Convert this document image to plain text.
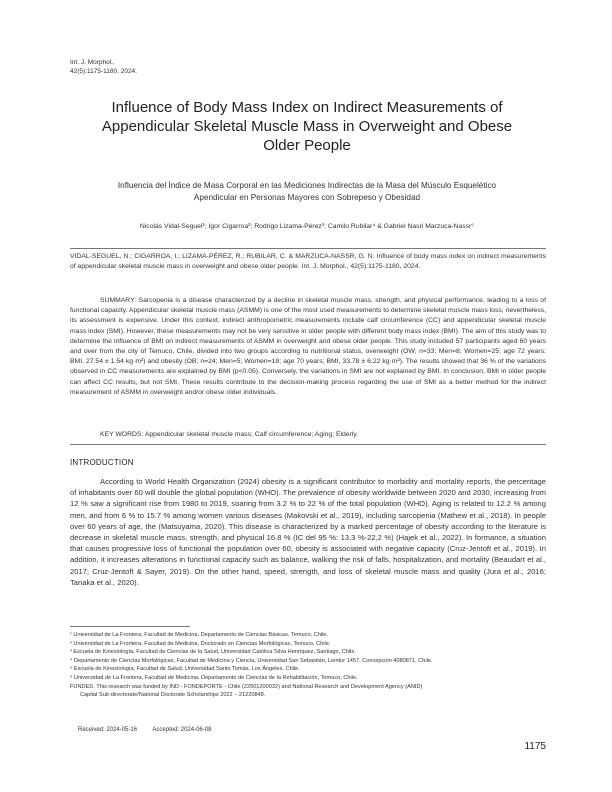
Int. J. Morphol.,
42(5):1175-1180, 2024.
Influence of Body Mass Index on Indirect Measurements of Appendicular Skeletal Muscle Mass in Overweight and Obese Older People
Influencia del Índice de Masa Corporal en las Mediciones Indirectas de la Masa del Músculo Esquelético Apendicular en Personas Mayores con Sobrepeso y Obesidad
Nicolás Vidal-Seguel¹; Igor Cigarroa²; Rodrigo Lizama-Pérez³; Camilo Rubilar⁴ & Gabriel Nasri Marzuca-Nassr⁵
VIDAL-SEGUEL, N.; CIGARROA, I.; LIZAMA-PÉREZ, R.; RUBILAR, C. & MARZUCA-NASSR, G. N. Influence of body mass index on indirect measurements of appendicular skeletal muscle mass in overweight and obese older people. Int. J. Morphol., 42(5):1175-1180, 2024.
SUMMARY: Sarcopenia is a disease characterized by a decline in skeletal muscle mass, strength, and physical performance, leading to a loss of functional capacity. Appendicular skeletal muscle mass (ASMM) is one of the most used measurements to determine skeletal muscle mass loss; nevertheless, its assessment is expensive. Under this context, indirect anthropometric measurements include calf circumference (CC) and appendicular skeletal muscle mass index (SMI). However, these measurements may not be very sensitive in older people with different body mass index (BMI). The aim of this study was to determine the influence of BMI on indirect measurements of ASMM in overweight and obese older people. This study included 57 participants aged 60 years and over from the city of Temuco, Chile, divided into two groups according to nutritional status, overweight (OW; n=33; Men=8; Women=25; age 72 years; BMI, 27.54 ± 1.54 kg·m²) and obesity (OB; n=24; Men=5; Women=19; age 70 years; BMI, 33.78 ± 6.22 kg·m²). The results showed that 36 % of the variations observed in CC measurements are explained by BMI (p<0.05). Conversely, the variations in SMI are not explained by BMI. In conclusion, BMI in older people can affect CC results, but not SMI. These results contribute to the decision-making process regarding the use of SMI as a better method for the indirect measurement of ASMM in overweight and/or obese older individuals.
KEY WORDS: Appendicular skeletal muscle mass; Calf circumference; Aging; Elderly.
INTRODUCTION
According to World Health Organization (2024) obesity is a significant contributor to morbidity and mortality reports, the percentage of inhabitants over 60 will double the global population (WHO). The prevalence of obesity worldwide between 2020 and 2030, increasing from 12 % saw a significant rise from 1980 to 2019, soaring from 3.2 % to 22 % of the total population (WHO). Aging is related to 12.2 % among men, and from 6 % to 15.7 % among women various diseases (Makovski et al., 2019), including sarcopenia (Mathew et al., 2018). In people over 60 years of age, the (Matsuyama, 2020). This disease is characterized by a marked percentage of obesity according to the literature is decrease in skeletal muscle mass, strength, and physical 16.8 % (IC del 95 %: 13,3 %-22,2 %) (Hajek et al., 2022). In formance, a situation that causes progressive loss of functional the population over 60, obesity is associated with negative capacity (Cruz-Jentoft et al., 2019). In addition, it increases alterations in functional capacity such as balance, walking the risk of falls, hospitalization, and mortality (Beaudart et al., 2017; Cruz-Jentoft & Sayer, 2019). On the other hand, speed, strength, and loss of skeletal muscle mass and quality (Jura et al., 2016; Tanaka et al., 2020).
¹ Universidad de La Frontera, Facultad de Medicina, Departamento de Ciencias Básicas, Temuco, Chile.
² Universidad de La Frontera, Facultad de Medicina, Doctorado en Ciencias Morfológicas, Temuco, Chile.
³ Escuela de Kinesiología, Facultad de Ciencias de la Salud, Universidad Católica Silva Henríquez, Santiago, Chile.
⁴ Departamento de Ciencias Morfológicas, Facultad de Medicina y Ciencia, Universidad San Sebastián, Lientur 1457, Concepción 4080871, Chile.
⁵ Escuela de Kinesiología, Facultad de Salud, Universidad Santo Tomás, Los Ángeles, Chile.
⁶ Universidad de La Frontera, Facultad de Medicina, Departamento de Ciencias de la Rehabilitación, Temuco, Chile.
FUNDED. This research was funded by IND - FONDEPORTE - Chile (22001200032) and National Research and Development Agency (ANID)
Capital Sub-directorate/National Doctorate Scholarships 2022 – 21220848.
Received: 2024-05-16	Accepted: 2024-06-08
1175
